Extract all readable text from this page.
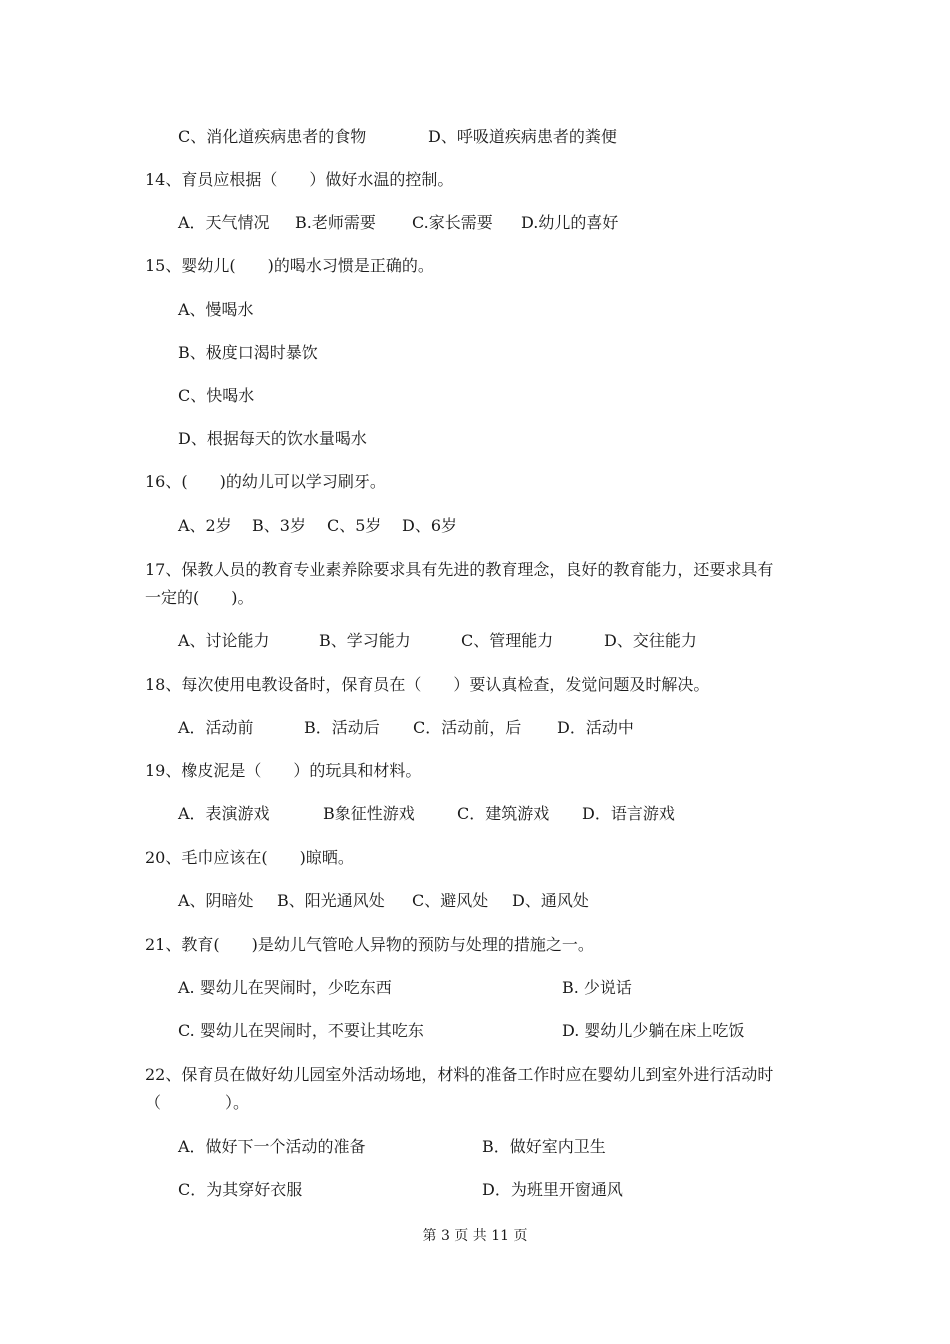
C、消化道疾病患者的食物	D、呼吸道疾病患者的粪便
14、育员应根据（　　）做好水温的控制。
A．天气情况 B.老师需要 C.家长需要 D.幼儿的喜好
15、婴幼儿(　　)的喝水习惯是正确的。
A、慢喝水
B、极度口渴时暴饮
C、快喝水
D、根据每天的饮水量喝水
16、(　　)的幼儿可以学习刷牙。
A、2岁 B、3岁 C、5岁 D、6岁
17、保教人员的教育专业素养除要求具有先进的教育理念，良好的教育能力，还要求具有
一定的(　　)。
A、讨论能力	B、学习能力	C、管理能力	D、交往能力
18、每次使用电教设备时，保育员在（　　）要认真检查，发觉问题及时解决。
A．活动前	B．活动后 C．活动前，后 D．活动中
19、橡皮泥是（　　）的玩具和材料。
A．表演游戏	B象征性游戏	C．建筑游戏 D．语言游戏
20、毛巾应该在(　　)晾晒。
A、阴暗处 B、阳光通风处 C、避风处 D、通风处
21、教育(　　)是幼儿气管呛人异物的预防与处理的措施之一。
A. 婴幼儿在哭闹时，少吃东西	B. 少说话
C. 婴幼儿在哭闹时，不要让其吃东	D. 婴幼儿少躺在床上吃饭
22、保育员在做好幼儿园室外活动场地，材料的准备工作时应在婴幼儿到室外进行活动时
（　　　　）。
A．做好下一个活动的准备	B．做好室内卫生
C．为其穿好衣服	D．为班里开窗通风
第 3 页 共 11 页
